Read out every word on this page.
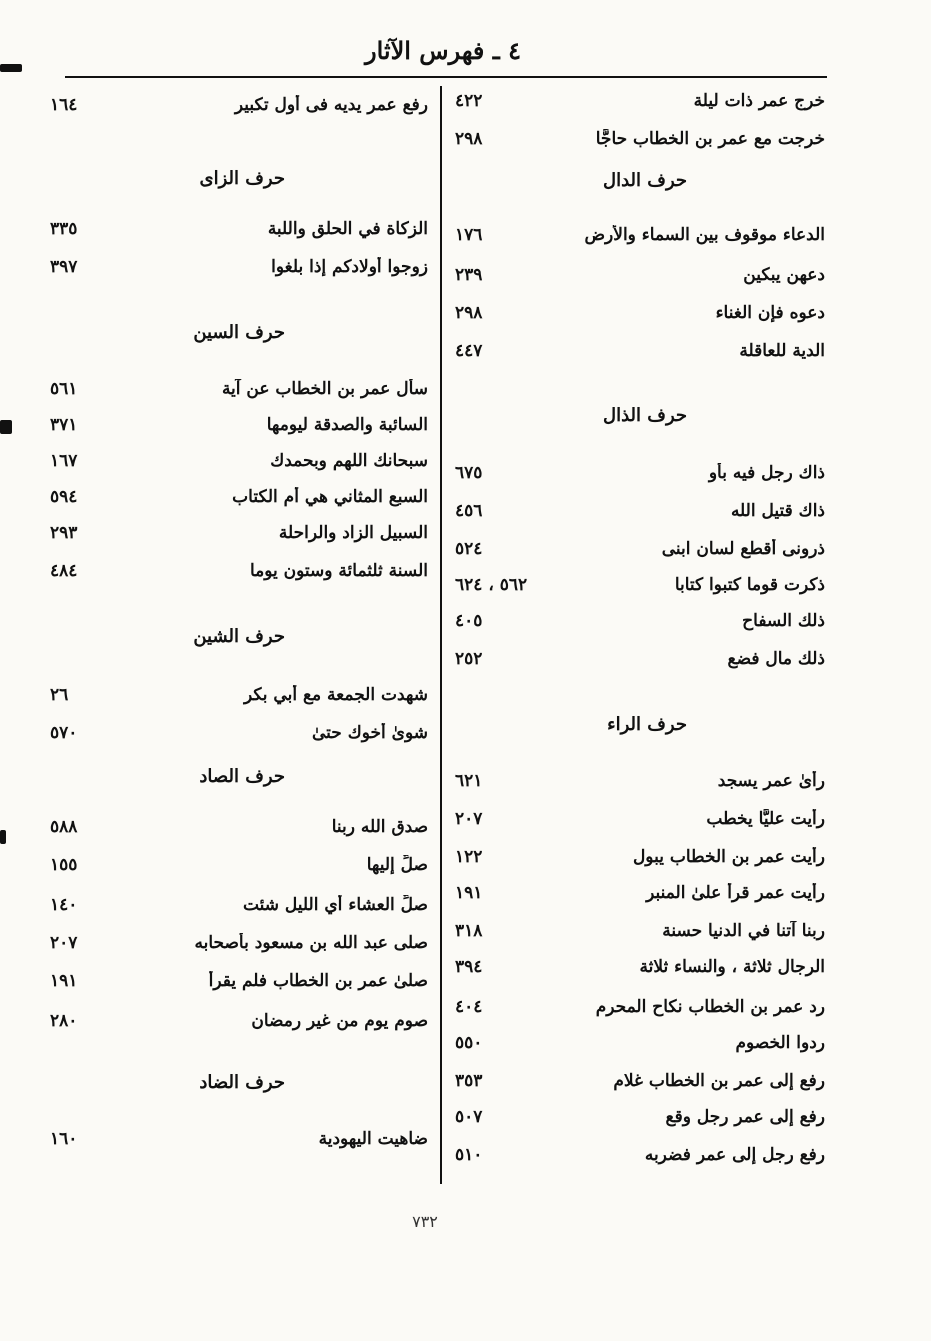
٤ ـ فهرس الآثار
٤٢٢	خرج عمر ذات ليلة
٢٩٨	خرجت مع عمر بن الخطاب حاجًّا
حرف الدال
١٧٦	الدعاء موقوف بين السماء والأرض
٢٣٩	دعهن يبكين
٢٩٨	دعوه فإن الغناء
٤٤٧	الدية للعاقلة
حرف الذال
٦٧٥	ذاك رجل فيه بأو
٤٥٦	ذاك قتيل الله
٥٢٤	ذرونى أقطع لسان ابنى
٥٦٢ ، ٦٢٤	ذكرت قوما كتبوا كتابا
٤٠٥	ذلك السفاح
٢٥٢	ذلك مال فضع
حرف الراء
٦٢١	رأىٰ عمر يسجد
٢٠٧	رأيت عليًّا يخطب
١٢٢	رأيت عمر بن الخطاب يبول
١٩١	رأيت عمر قرأ علىٰ المنبر
٣١٨	ربنا آتنا في الدنيا حسنة
٣٩٤	الرجال ثلاثة ، والنساء ثلاثة
٤٠٤	رد عمر بن الخطاب نكاح المحرم
٥٥٠	ردوا الخصوم
٣٥٣	رفع إلى عمر بن الخطاب غلام
٥٠٧	رفع إلى عمر رجل وقع
٥١٠	رفع رجل إلى عمر فضربه
١٦٤	رفع عمر يديه فى أول تكبير
حرف الزاى
٣٣٥	الزكاة في الحلق واللبة
٣٩٧	زوجوا أولادكم إذا بلغوا
حرف السين
٥٦١	سأل عمر بن الخطاب عن آية
٣٧١	السائبة والصدقة ليومها
١٦٧	سبحانك اللهم وبحمدك
٥٩٤	السبع المثاني هي أم الكتاب
٢٩٣	السبيل الزاد والراحلة
٤٨٤	السنة ثلثمائة وستون يوما
حرف الشين
٢٦	شهدت الجمعة مع أبي بكر
٥٧٠	شوىٰ أخوك حتىٰ
حرف الصاد
٥٨٨	صدق الله ربنا
١٥٥	صلِّ إليها
١٤٠	صلِّ العشاء أي الليل شئت
٢٠٧	صلى عبد الله بن مسعود بأصحابه
١٩١	صلىٰ عمر بن الخطاب فلم يقرأ
٢٨٠	صوم يوم من غير رمضان
حرف الضاد
١٦٠	ضاهيت اليهودية
٧٣٢
